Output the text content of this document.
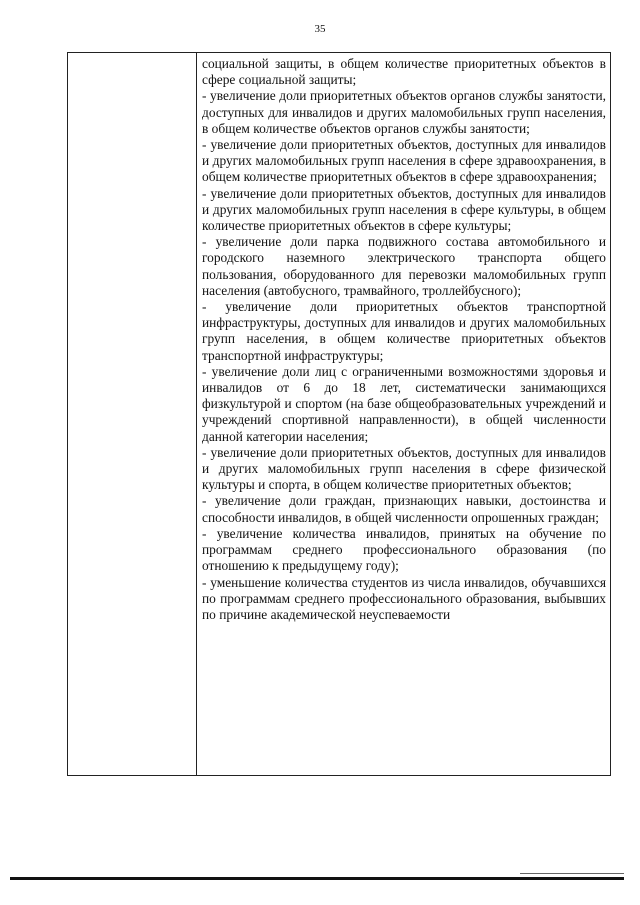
35

социальной защиты, в общем количестве приоритетных объектов в сфере социальной защиты;

- увеличение доли приоритетных объектов органов службы занятости, доступных для инвалидов и других маломобильных групп населения, в общем количестве объектов органов службы занятости;

- увеличение доли приоритетных объектов, доступных для инвалидов и других маломобильных групп населения в сфере здравоохранения, в общем количестве приоритетных объектов в сфере здравоохранения;

- увеличение доли приоритетных объектов, доступных для инвалидов и других маломобильных групп населения в сфере культуры, в общем количестве приоритетных объектов в сфере культуры;

- увеличение доли парка подвижного состава автомобильного и городского наземного электрического транспорта общего пользования, оборудованного для перевозки маломобильных групп населения (автобусного, трамвайного, троллейбусного);

- увеличение доли приоритетных объектов транспортной инфраструктуры, доступных для инвалидов и других маломобильных групп населения, в общем количестве приоритетных объектов транспортной инфраструктуры;

- увеличение доли лиц с ограниченными возможностями здоровья и инвалидов от 6 до 18 лет, систематически занимающихся физкультурой и спортом (на базе общеобразовательных учреждений и учреждений спортивной направленности), в общей численности данной категории населения;

- увеличение доли приоритетных объектов, доступных для инвалидов и других маломобильных групп населения в сфере физической культуры и спорта, в общем количестве приоритетных объектов;

- увеличение доли граждан, признающих навыки, достоинства и способности инвалидов, в общей численности опрошенных граждан;

- увеличение количества инвалидов, принятых на обучение по программам среднего профессионального образования (по отношению к предыдущему году);

- уменьшение количества студентов из числа инвалидов, обучавшихся по программам среднего профессионального образования, выбывших по причине академической неуспеваемости
